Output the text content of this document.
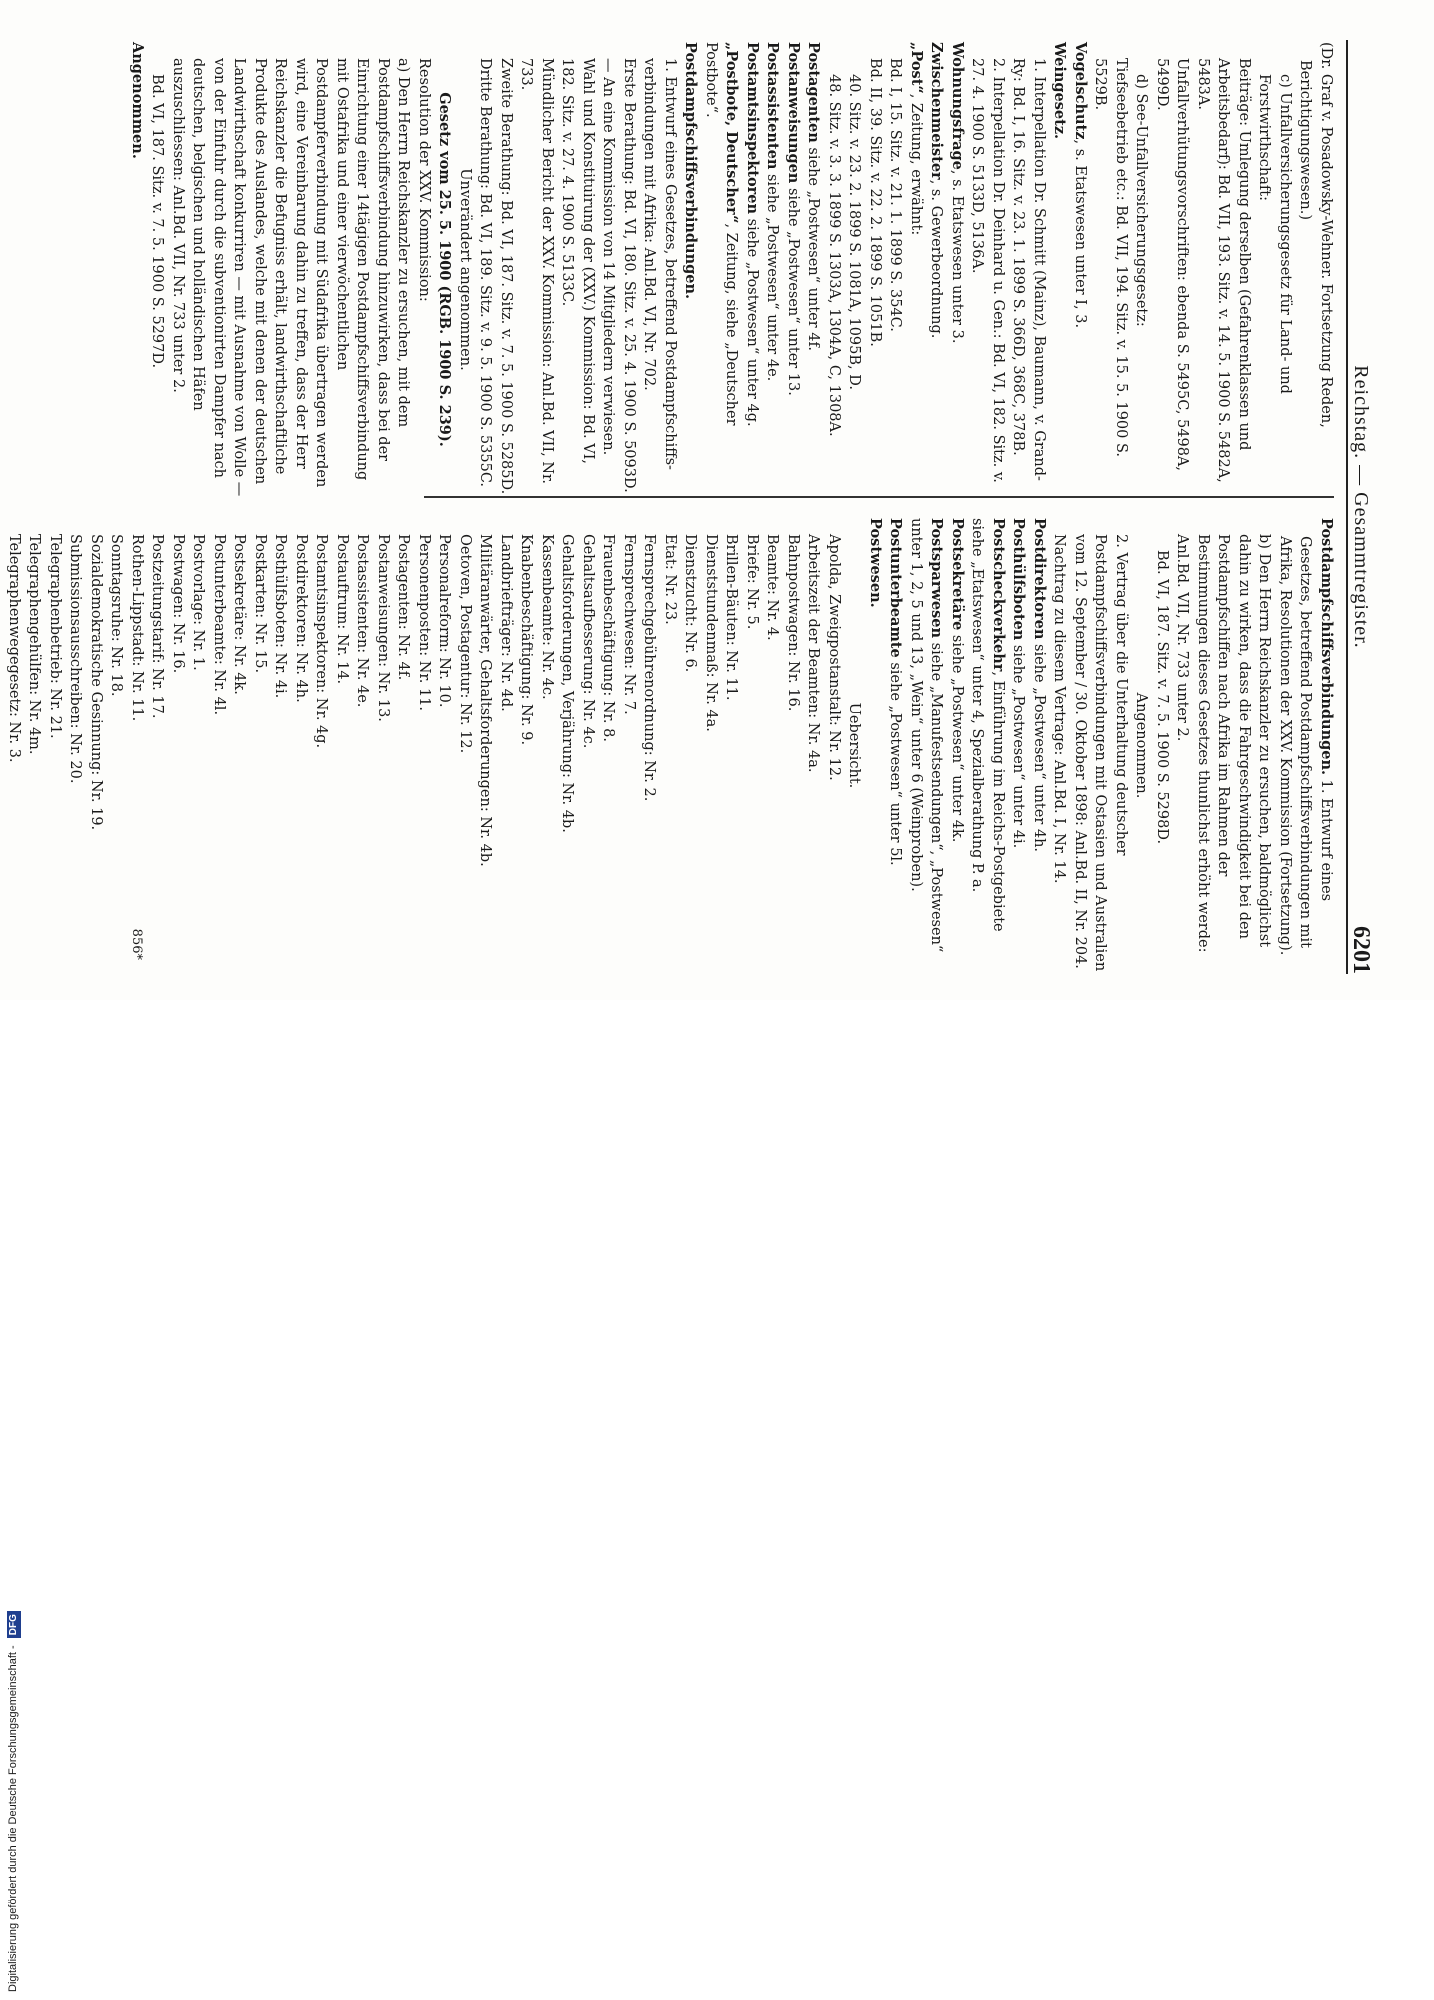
Reichstag. — Gesammtregister.
6201

(Dr. Graf v. Posadowsky-Wehner. Fortsetzung Reden, Berichtigungswesen.)

c) Unfallversicherungsgesetz für Land- und Forstwirthschaft:

Beiträge: Umlegung derselben (Gefahrenklassen und Arbeitsbedarf): Bd. VII, 193. Sitz. v. 14. 5. 1900 S. 5482A, 5483A.

Unfallverhütungsvorschriften: ebenda S. 5495C, 5498A, 5499D.

d) See-Unfallversicherungsgesetz:

Tiefseebetrieb etc.: Bd. VII, 194. Sitz. v. 15. 5. 1900 S. 5529B.

Vogelschutz, s. Etatswesen unter I, 3.

Weingesetz.

1. Interpellation Dr. Schmitt (Mainz), Baumann, v. Grand-Ry: Bd. I, 16. Sitz. v. 23. 1. 1899 S. 366D, 368C, 378B.

2. Interpellation Dr. Deinhard u. Gen.: Bd. VI, 182. Sitz. v. 27. 4. 1900 S. 5133D, 5136A.

Wohnungsfrage, s. Etatswesen unter 3.

Zwischenmeister, s. Gewerbeordnung.

„Post“, Zeitung, erwähnt:

Bd. I, 15. Sitz. v. 21. 1. 1899 S. 354C.

Bd. II, 39. Sitz. v. 22. 2. 1899 S. 1051B.

40. Sitz. v. 23. 2. 1899 S. 1081A, 1095B, D.

48. Sitz. v. 3. 3. 1899 S. 1303A, 1304A, C, 1308A.

Postagenten siehe „Postwesen“ unter 4f.

Postanweisungen siehe „Postwesen“ unter 13.

Postassistenten siehe „Postwesen“ unter 4e.

Postamtsinspektoren siehe „Postwesen“ unter 4g.

„Postbote, Deutscher“, Zeitung, siehe „Deutscher Postbote“.

Postdampfschiffsverbindungen.

1. Entwurf eines Gesetzes, betreffend Postdampfschiffs-verbindungen mit Afrika: Anl.Bd. VI, Nr. 702.

Erste Berathung: Bd. VI, 180. Sitz. v. 25. 4. 1900 S. 5093D. — An eine Kommission von 14 Mitgliedern verwiesen.

Wahl und Konstituirung der (XXV.) Kommission: Bd. VI, 182. Sitz. v. 27. 4. 1900 S. 5133C.

Mündlicher Bericht der XXV. Kommission: Anl.Bd. VII, Nr. 733.

Zweite Berathung: Bd. VI, 187. Sitz. v. 7. 5. 1900 S. 5285D.

Dritte Berathung: Bd. VI, 189. Sitz. v. 9. 5. 1900 S. 5355C.

Unverändert angenommen.

Gesetz vom 25. 5. 1900 (RGB. 1900 S. 239).

Resolution der XXV. Kommission:

a) Den Herrn Reichskanzler zu ersuchen, mit dem Postdampfschiffsverbindung hinzuwirken, dass bei der Einrichtung einer 14tägigen Postdampfschiffsverbindung mit Ostafrika und einer vierwöchentlichen Postdampferverbindung mit Südafrika übertragen werden wird, eine Vereinbarung dahin zu treffen, dass der Herr Reichskanzler die Befugniss erhält, landwirthschaftliche Produkte des Auslandes, welche mit denen der deutschen Landwirthschaft konkurriren — mit Ausnahme von Wolle — von der Einfuhr durch die subventionirten Dampfer nach deutschen, belgischen und holländischen Häfen auszuschliessen: Anl.Bd. VII, Nr. 733 unter 2.

Bd. VI, 187. Sitz. v. 7. 5. 1900 S. 5297D.

Angenommen.

Postdampfschiffsverbindungen. 1. Entwurf eines Gesetzes, betreffend Postdampfschiffsverbindungen mit Afrika, Resolutionen der XXV. Kommission (Fortsetzung).

b) Den Herrn Reichskanzler zu ersuchen, baldmöglichst dahin zu wirken, dass die Fahrgeschwindigkeit bei den Postdampfschiffen nach Afrika im Rahmen der Bestimmungen dieses Gesetzes thunlichst erhöht werde: Anl.Bd. VII, Nr. 733 unter 2.

Bd. VI, 187. Sitz. v. 7. 5. 1900 S. 5298D.

Angenommen.

2. Vertrag über die Unterhaltung deutscher Postdampfschiffsverbindungen mit Ostasien und Australien vom 12. September / 30. Oktober 1898: Anl.Bd. II, Nr. 204.

Nachtrag zu diesem Vertrage: Anl.Bd. I, Nr. 14.

Postdirektoren siehe „Postwesen“ unter 4h.

Posthülfsboten siehe „Postwesen“ unter 4i.

Postscheckverkehr, Einführung im Reichs-Postgebiete siehe „Etatswesen“ unter 4, Spezialberathung P. a.

Postsekretäre siehe „Postwesen“ unter 4k.

Postsparwesen siehe „Manufestsendungen“, „Postwesen“ unter 1, 2, 5 und 13, „Wein“ unter 6 (Weinproben).

Postunterbeamte siehe „Postwesen“ unter 5l.

Postwesen.

Uebersicht.

Apolda, Zweigpostanstalt: Nr. 12.

Arbeitszeit der Beamten: Nr. 4a.

Bahnpostwagen: Nr. 16.

Beamte: Nr. 4.

Briefe: Nr. 5.

Brillen-Bäuten: Nr. 11.

Dienststundenmaß: Nr. 4a.

Dienstzucht: Nr. 6.

Etat: Nr. 23.

Fernsprechgebührenordnung: Nr. 2.

Fernsprechwesen: Nr. 7.

Frauenbeschäftigung: Nr. 8.

Gehaltsaufbesserung: Nr. 4c.

Gehaltsforderungen, Verjährung: Nr. 4b.

Kassenbeamte: Nr. 4c.

Knabenbeschäftigung: Nr. 9.

Landbriefträger: Nr. 4d.

Militäranwärter, Gehaltsforderungen: Nr. 4b.

Oetoven, Postagentur: Nr. 12.

Personalreform: Nr. 10.

Personenposten: Nr. 11.

Postagenten: Nr. 4f.

Postanweisungen: Nr. 13.

Postassistenten: Nr. 4e.

Postauftrum: Nr. 14.

Postamtsinspektoren: Nr. 4g.

Postdirektoren: Nr. 4h.

Posthülfsboten: Nr. 4i.

Postkarten: Nr. 15.

Postsekretäre: Nr. 4k.

Postunterbeamte: Nr. 4l.

Postvorlage: Nr. 1.

Postwagen: Nr. 16.

Postzeitungstarif: Nr. 17.

Rothen-Lippstadt: Nr. 11.

Sonntagsruhe: Nr. 18.

Sozialdemokratische Gesinnung: Nr. 19.

Submissionsausschreiben: Nr. 20.

Telegraphenbetrieb: Nr. 21.

Telegraphengehülfen: Nr. 4m.

Telegraphenwegegesetz: Nr. 3.

856*
Digitalisierung gefördert durch die Deutsche Forschungsgemeinschaft - DFG
